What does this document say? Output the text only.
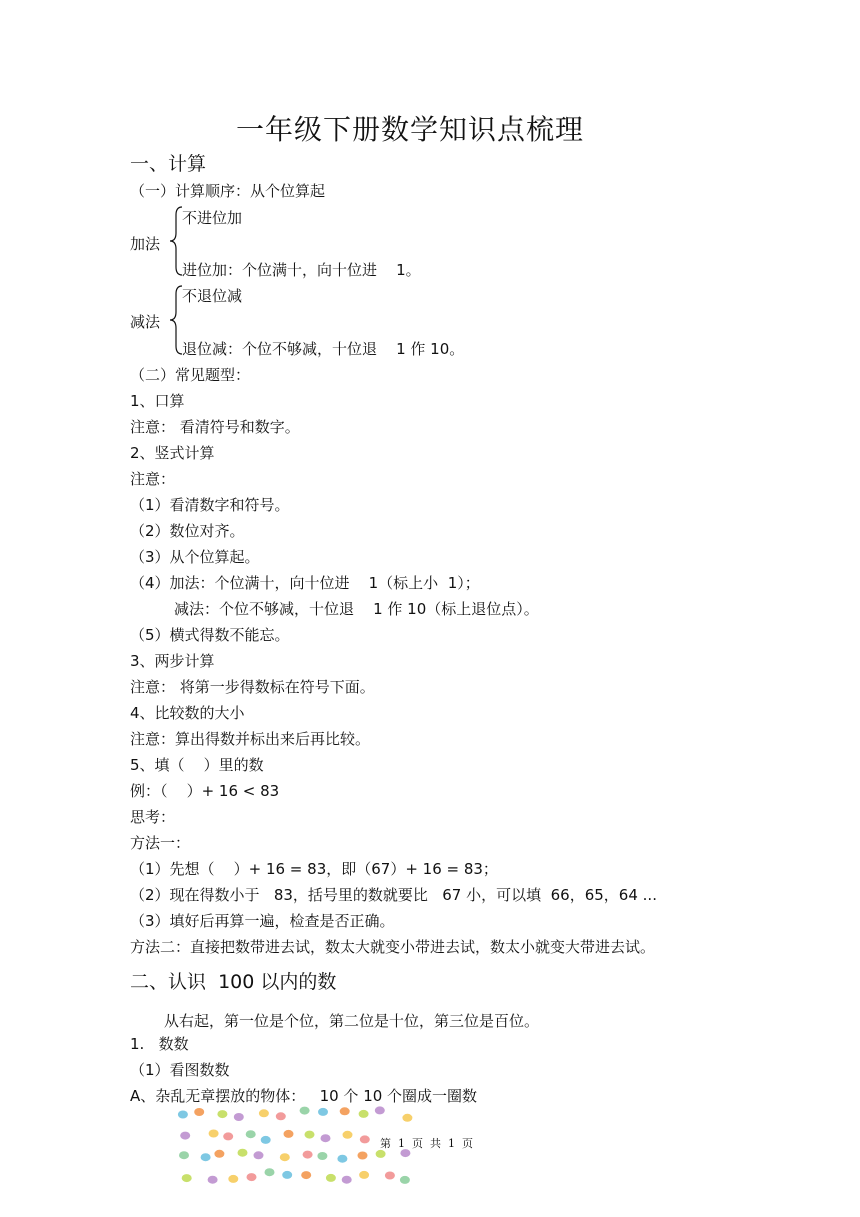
一年级下册数学知识点梳理
一、计算
（一）计算顺序：从个位算起
加法
不进位加
进位加：个位满十，向十位进    1。
减法
不退位减
退位减：个位不够减，十位退    1 作 10。
（二）常见题型：
1、口算
注意： 看清符号和数字。
2、竖式计算
注意：
（1）看清数字和符号。
（2）数位对齐。
（3）从个位算起。
（4）加法：个位满十，向十位进    1（标上小  1）；
减法：个位不够减，十位退    1 作 10（标上退位点）。
（5）横式得数不能忘。
3、两步计算
注意： 将第一步得数标在符号下面。
4、比较数的大小
注意：算出得数并标出来后再比较。
5、填（    ）里的数
例：（    ）+ 16 < 83
思考：
方法一：
（1）先想（    ）+ 16 = 83，即（67）+ 16 = 83；
（2）现在得数小于   83，括号里的数就要比   67 小，可以填  66，65，64 ...
（3）填好后再算一遍，检查是否正确。
方法二：直接把数带进去试，数太大就变小带进去试，数太小就变大带进去试。
二、认识  100 以内的数
从右起，第一位是个位，第二位是十位，第三位是百位。
1.   数数
（1）看图数数
A、杂乱无章摆放的物体：   10 个 10 个圈成一圈数
第  1  页  共  1  页
